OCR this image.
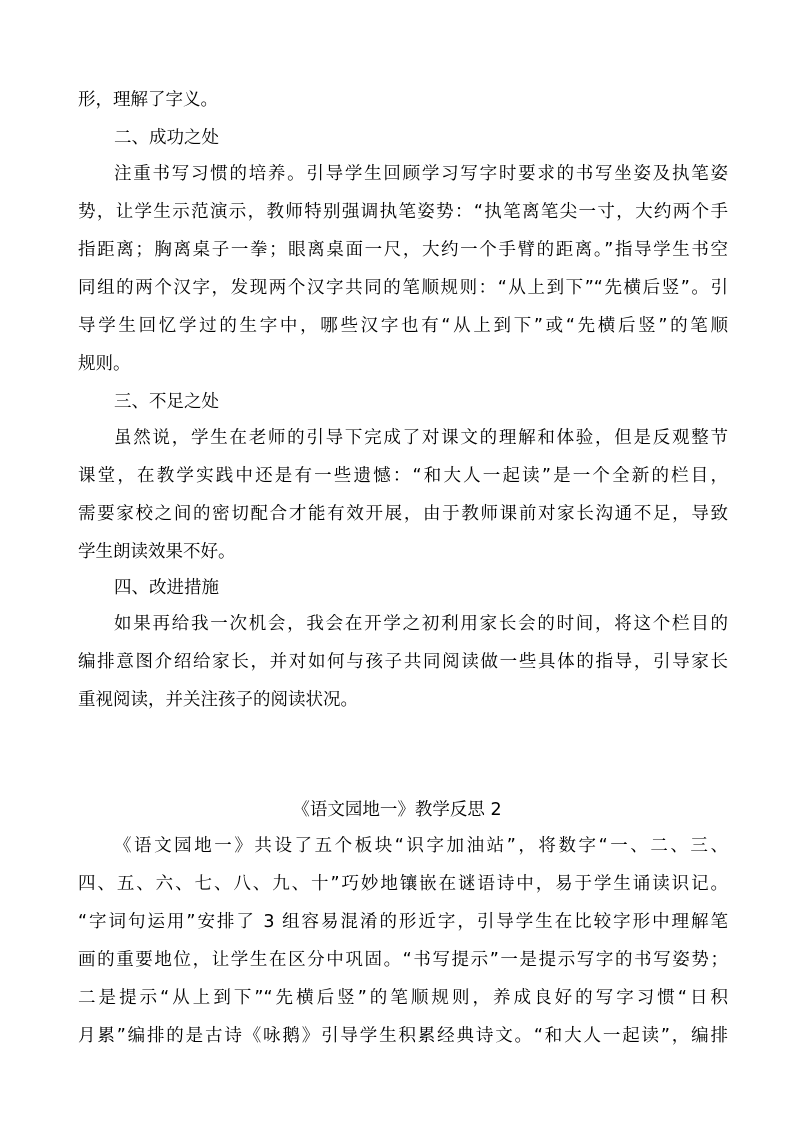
形，理解了字义。
二、成功之处
注重书写习惯的培养。引导学生回顾学习写字时要求的书写坐姿及执笔姿
势，让学生示范演示，教师特别强调执笔姿势：“执笔离笔尖一寸，大约两个手
指距离；胸离桌子一拳；眼离桌面一尺，大约一个手臂的距离。”指导学生书空
同组的两个汉字，发现两个汉字共同的笔顺规则：“从上到下”“先横后竖”。引
导学生回忆学过的生字中，哪些汉字也有“从上到下”或“先横后竖”的笔顺
规则。
三、不足之处
虽然说，学生在老师的引导下完成了对课文的理解和体验，但是反观整节
课堂，在教学实践中还是有一些遗憾：“和大人一起读”是一个全新的栏目，
需要家校之间的密切配合才能有效开展，由于教师课前对家长沟通不足，导致
学生朗读效果不好。
四、改进措施
如果再给我一次机会，我会在开学之初利用家长会的时间，将这个栏目的
编排意图介绍给家长，并对如何与孩子共同阅读做一些具体的指导，引导家长
重视阅读，并关注孩子的阅读状况。
《语文园地一》教学反思 2
《语文园地一》共设了五个板块“识字加油站”，将数字“一、二、三、
四、五、六、七、八、九、十”巧妙地镶嵌在谜语诗中，易于学生诵读识记。
“字词句运用”安排了 3 组容易混淆的形近字，引导学生在比较字形中理解笔
画的重要地位，让学生在区分中巩固。“书写提示”一是提示写字的书写姿势；
二是提示“从上到下”“先横后竖”的笔顺规则，养成良好的写字习惯“日积
月累”编排的是古诗《咏鹅》引导学生积累经典诗文。“和大人一起读”，编排
